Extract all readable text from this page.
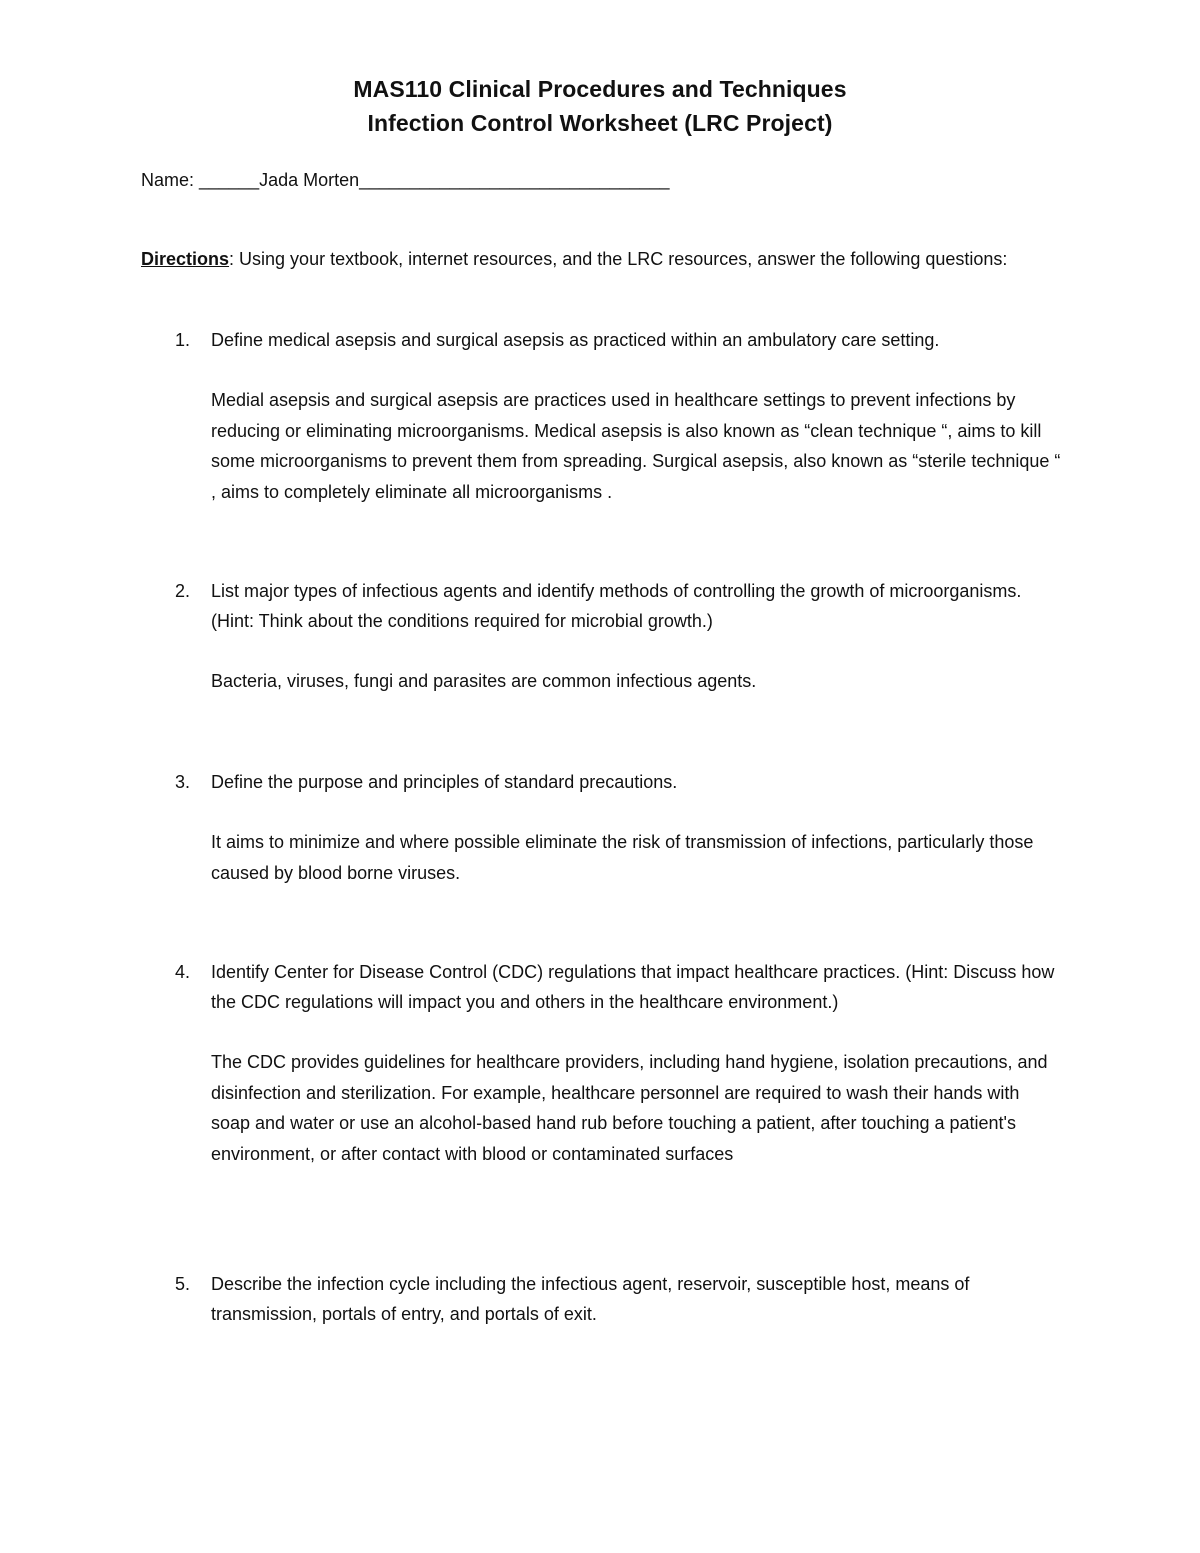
MAS110 Clinical Procedures and Techniques
Infection Control Worksheet (LRC Project)
Name: ______Jada Morten_______________________________
Directions: Using your textbook, internet resources, and the LRC resources, answer the following questions:
1.	Define medical asepsis and surgical asepsis as practiced within an ambulatory care setting.
Medial asepsis and surgical asepsis are practices used in healthcare settings to prevent infections by reducing or eliminating microorganisms. Medical asepsis is also known as “clean technique “, aims to kill some microorganisms to prevent them from spreading. Surgical asepsis, also known as “sterile technique “ , aims to completely eliminate all microorganisms .
2.	List major types of infectious agents and identify methods of controlling the growth of microorganisms. (Hint: Think about the conditions required for microbial growth.)
Bacteria, viruses, fungi and parasites are common infectious agents.
3.	Define the purpose and principles of standard precautions.
It aims to minimize and where possible eliminate the risk of transmission of infections, particularly those caused by blood borne viruses.
4.	Identify Center for Disease Control (CDC) regulations that impact healthcare practices. (Hint: Discuss how the CDC regulations will impact you and others in the healthcare environment.)
The CDC provides guidelines for healthcare providers, including hand hygiene, isolation precautions, and disinfection and sterilization. For example, healthcare personnel are required to wash their hands with soap and water or use an alcohol-based hand rub before touching a patient, after touching a patient's environment, or after contact with blood or contaminated surfaces
5.	Describe the infection cycle including the infectious agent, reservoir, susceptible host, means of transmission, portals of entry, and portals of exit.
